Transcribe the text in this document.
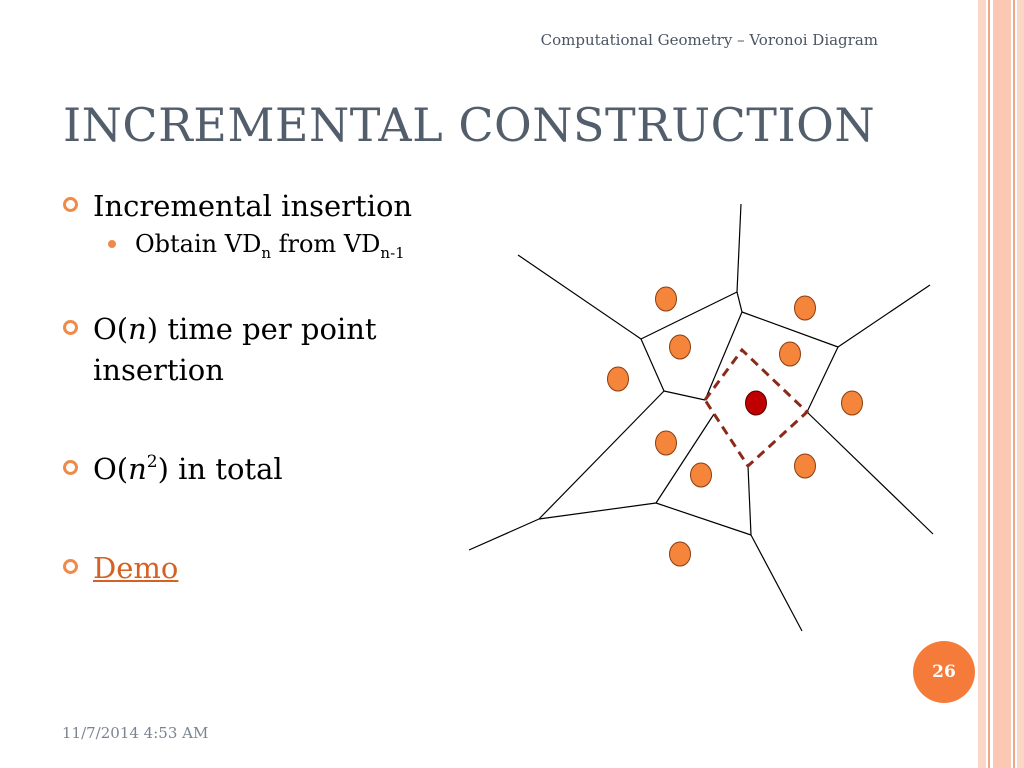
Computational Geometry – Voronoi Diagram
INCREMENTAL CONSTRUCTION
Incremental insertion
Obtain $VD_n$ from $VD_{n-1}$
O(n) time per point insertion
$O(n^2)$ in total
Demo
26
11/7/2014 4:53 AM
